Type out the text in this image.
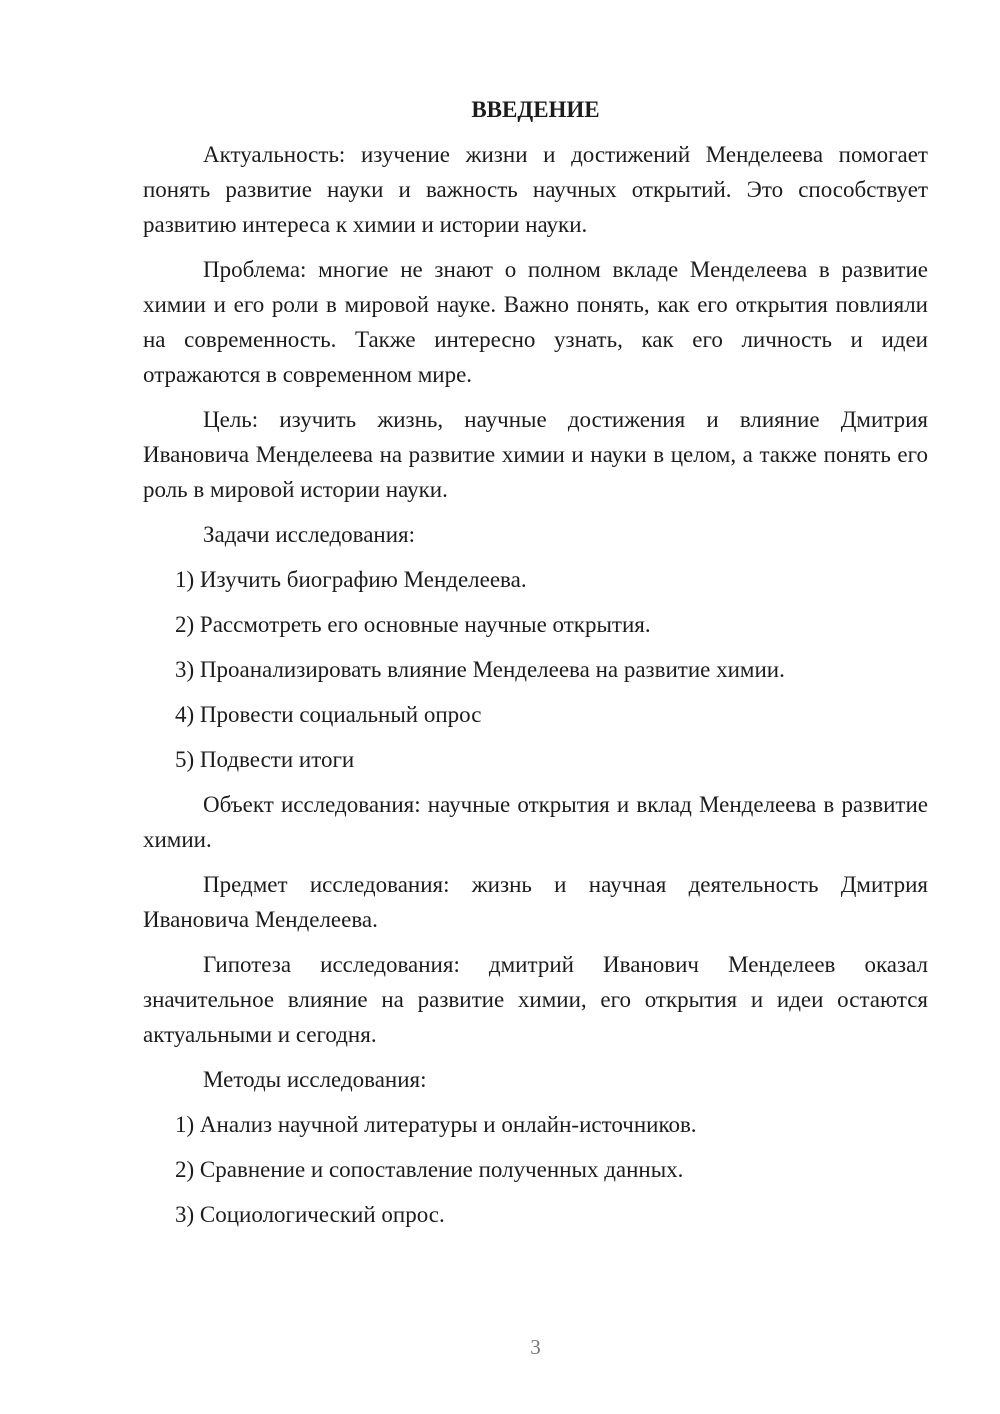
ВВЕДЕНИЕ

Актуальность: изучение жизни и достижений Менделеева помогает понять развитие науки и важность научных открытий. Это способствует развитию интереса к химии и истории науки.

Проблема: многие не знают о полном вкладе Менделеева в развитие химии и его роли в мировой науке. Важно понять, как его открытия повлияли на современность. Также интересно узнать, как его личность и идеи отражаются в современном мире.

Цель: изучить жизнь, научные достижения и влияние Дмитрия Ивановича Менделеева на развитие химии и науки в целом, а также понять его роль в мировой истории науки.

Задачи исследования:

1) Изучить биографию Менделеева.

2) Рассмотреть его основные научные открытия.

3) Проанализировать влияние Менделеева на развитие химии.

4) Провести социальный опрос

5) Подвести итоги

Объект исследования: научные открытия и вклад Менделеева в развитие химии.

Предмет исследования: жизнь и научная деятельность Дмитрия Ивановича Менделеева.

Гипотеза исследования: дмитрий Иванович Менделеев оказал значительное влияние на развитие химии, его открытия и идеи остаются актуальными и сегодня.

Методы исследования:

1) Анализ научной литературы и онлайн-источников.

2) Сравнение и сопоставление полученных данных.

3) Социологический опрос.

3
